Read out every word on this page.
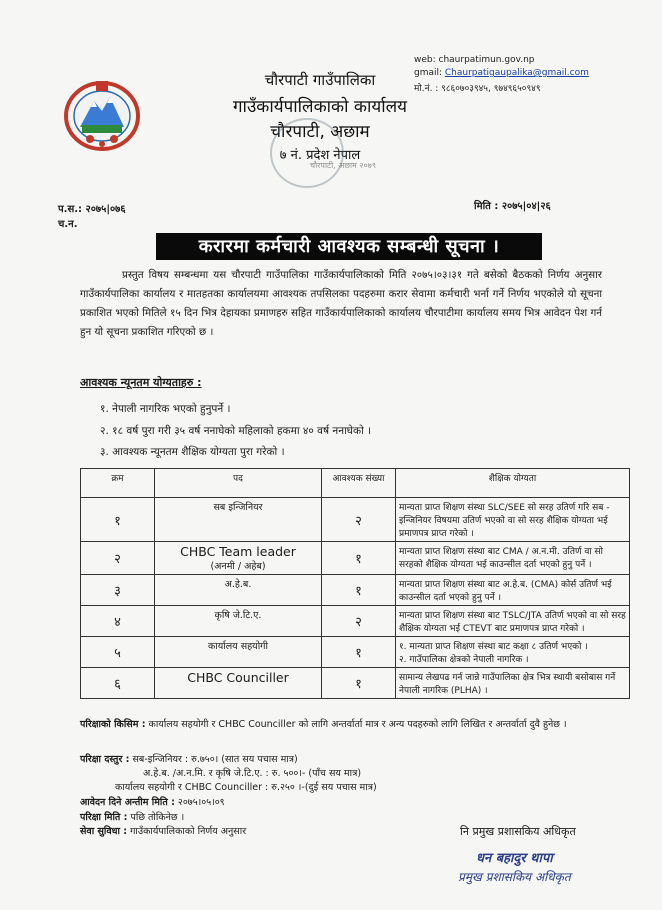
चौरपाटी गाउँपालिका
गाउँकार्यपालिकाको कार्यालय
चौरपाटी, अछाम
७ नं. प्रदेश नेपाल
चौरपाटी, अछाम २०७९
web: chaurpatimun.gov.np
gmail: Chaurpatigaupalika@gmail.com
मो.नं. : ९८६०७०३९४५, ९७४९६५०९४९
प.स.: २०७५|०७६
च.न.
मिति : २०७५|०४|२६
करारमा कर्मचारी आवश्यक सम्बन्धी सूचना ।
प्रस्तुत विषय सम्बन्धमा यस चौरपाटी गाउँपालिका गाउँकार्यपालिकाको मिति २०७५।०३।३१ गते बसेको बैठकको निर्णय अनुसार गाउँकार्यपालिका कार्यालय र मातहतका कार्यालयमा आवश्यक तपसिलका पदहरुमा करार सेवामा कर्मचारी भर्ना गर्ने निर्णय भएकोले यो सूचना प्रकाशित भएको मितिले १५ दिन भित्र देहायका प्रमाणहरु सहित गाउँकार्यपालिकाको कार्यालय चौरपाटीमा कार्यालय समय भित्र आवेदन पेश गर्न हुन यो सूचना प्रकाशित गरिएको छ ।
आवश्यक न्यूनतम योग्यताहरु :
१. नेपाली नागरिक भएको हुनुपर्ने ।
२. १८ वर्ष पुरा गरी ३५ वर्ष ननाघेको महिलाको हकमा ४० वर्ष ननाघेको ।
३. आवश्यक न्यूनतम शैक्षिक योग्यता पुरा गरेको ।
क्रम	पद	आवश्यक संख्या	शैक्षिक योग्यता
१	सब इन्जिनियर	२	मान्यता प्राप्त शिक्षण संस्था SLC/SEE सो सरह उतिर्ण गरि सब - इन्जिनियर विषयमा उतिर्ण भएको वा सो सरह शैक्षिक योग्यता भई प्रमाणपत्र प्राप्त गरेको ।
२	CHBC Team leader
(अनमी / अहेब)	१	मान्यता प्राप्त शिक्षण संस्था बाट CMA / अ.न.मी. उतिर्ण वा सो सरहको शैक्षिक योग्यता भई काउन्सील दर्ता भएको हुनु पर्ने ।
३	अ.हे.ब.	१	मान्यता प्राप्त शिक्षण संस्था बाट अ.हे.ब. (CMA) कोर्स उतिर्ण भई काउन्सील दर्ता भएको हुनु पर्ने ।
४	कृषि जे.टि.ए.	२	मान्यता प्राप्त शिक्षण संस्था बाट TSLC/JTA उतिर्ण भएको वा सो सरह शैक्षिक योग्यता भई CTEVT बाट प्रमाणपत्र प्राप्त गरेको ।
५	कार्यालय सहयोगी	१	१. मान्यता प्राप्त शिक्षण संस्था बाट कक्षा ८ उतिर्ण भएको ।
२. गाउँपालिका क्षेत्रको नेपाली नागरिक ।
६	CHBC Counciller	१	सामान्य लेखपढ गर्न जान्ने गाउँपालिका क्षेत्र भित्र स्थायी बसोबास गर्ने नेपाली नागरिक (PLHA) ।
परिक्षाको किसिम : कार्यालय सहयोगी र CHBC Counciller को लागि अन्तर्वार्ता मात्र र अन्य पदहरुको लागि लिखित र अन्तर्वार्ता दुवै हुनेछ ।
परिक्षा दस्तुर : सब-इन्जिनियर : रु.७५०। (सात सय पचास मात्र)
अ.हे.ब. /अ.न.मि. र कृषि जे.टि.ए. : रु. ५००।- (पाँच सय मात्र)
कार्यालय सहयोगी र CHBC Counciller : रु.२५० ।-(दुई सय पचास मात्र)
आवेदन दिने अन्तीम मिति : २०७५।०५।०९
परिक्षा मिति : पछि तोकिनेछ ।
सेवा सुविधा : गाउँकार्यपालिकाको निर्णय अनुसार	नि प्रमुख प्रशासकिय अधिकृत
धन बहादुर थापा
प्रमुख प्रशासकिय अधिकृत
